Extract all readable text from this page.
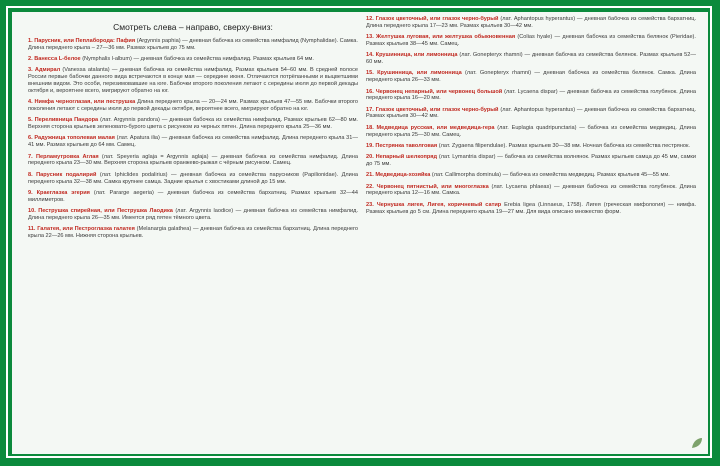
Смотреть слева – направо, сверху-вниз:
1. Парусник, или Пеплаборода: Пафия (Argynnis paphia) — дневная бабочка из семейства нимфалид (Nymphalidae). Самка. Длина переднего крыла – 27—36 мм. Размах крыльев до 75 мм.
2. Ванесса L-белое (Nymphalis l-album) — дневная бабочка из семейства нимфалид. Размах крыльев 64 мм.
3. Адмирал (Vanessa atalanta) — дневная бабочка из семейства нимфалид. Размах крыльев 54–60 мм. В средней полосе России первые бабочки данного вида встречаются в конце мая — середине июня. Отличаются потрёпанными и выцветшими внешним видом. Это особи, перезимовавшие на юге. Бабочки второго поколения летают с середины июля до первой декады октября и, вероятнее всего, мигрируют обратно на юг.
4. Нимфа черноглазая, или пеструшка Длина переднего крыла — 20—24 мм. Размах крыльев 47—55 мм. Бабочки второго поколения летают с середины июля до первой декады октября, вероятнее всего, мигрируют обратно на юг.
5. Переливница Пандора (лат. Argynnis pandora) — дневная бабочка из семейства нимфалид. Размах крыльев 62—80 мм. Верхняя сторона крыльев зеленовато-бурого цвета с рисунком из черных пятен. Длина переднего крыла 25—36 мм.
6. Радужница тополевая малая (лат. Apatura ilia) — дневная бабочка из семейства нимфалид. Длина переднего крыла 31—41 мм. Размах крыльев до 64 мм. Самец.
7. Перламутровка Аглая (лат. Speyeria aglaja = Argynnis aglaja) — дневная бабочка из семейства нимфалид. Длина переднего крыла 23—30 мм. Верхняя сторона крыльев оранжево-рыжая с чёрным рисунком. Самец.
8. Парусник подалирий (лат. Iphiclides podalirius) — дневная бабочка из семейства парусников (Papilionidae). Длина переднего крыла 32—38 мм. Самка крупнее самца. Задние крылья с хвостиками длиной до 15 мм.
9. Краеглазка эгерия (лат. Pararge aegeria) — дневная бабочка из семейства бархатниц. Размах крыльев 32—44 миллиметров.
10. Пеструшка спирейная, или Пеструшка Лаодика (лат. Argynnis laodice) — дневная бабочка из семейства нимфалид. Длина переднего крыла 26—35 мм. Имеется ряд пятен тёмного цвета.
11. Галатея, или Пестроглазка галатея (Melanargia galathea) — дневная бабочка из семейства бархатниц. Длина переднего крыла 22—26 мм. Нижняя сторона крыльев.
12. Глазок цветочный, или глазок черно-бурый (лат. Aphantopus hyperantus) — дневная бабочка из семейства бархатниц. Длина переднего крыла 17—23 мм. Размах крыльев 30—42 мм.
13. Желтушка луговая, или желтушка обыкновенная (Colias hyale) — дневная бабочка из семейства белянок (Pieridae). Размах крыльев 38—45 мм. Самец.
14. Крушинница, или лимонница (лат. Gonepteryx rhamni) — дневная бабочка из семейства белянок. Размах крыльев 52—60 мм.
15. Крушинница, или лимонница (лат. Gonepteryx rhamni) — дневная бабочка из семейства белянок. Самка. Длина переднего крыла 26—33 мм.
16. Червонец непарный, или червонец большой (лат. Lycaena dispar) — дневная бабочка из семейства голубянок. Длина переднего крыла 16—20 мм.
17. Глазок цветочный, или глазок черно-бурый (лат. Aphantopus hyperantus) — дневная бабочка из семейства бархатниц. Размах крыльев 30—42 мм.
18. Медведица русская, или медведица-гера (лат. Euplagia quadripunctaria) — бабочка из семейства медведиц. Длина переднего крыла 25—30 мм. Самец.
19. Пестрянка таволговая (лат. Zygaena filipendulae). Размах крыльев 30—38 мм. Ночная бабочка из семейства пестрянок.
20. Непарный шелкопряд (лат. Lymantria dispar) — бабочка из семейства волнянок. Размах крыльев самца до 45 мм, самки до 75 мм.
21. Медведица-хозяйка (лат. Callimorpha dominula) — бабочка из семейства медведиц. Размах крыльев 45—55 мм.
22. Червонец пятнистый, или многоглазка (лат. Lycaena phlaeas) — дневная бабочка из семейства голубянок. Длина переднего крыла 12—16 мм. Самка.
23. Чернушка лигея, Лигея, коричневый сатир Erebia ligea (Linnaeus, 1758). Лигея (греческая мифология) — нимфа. Размах крыльев до 5 см. Длина переднего крыла 19—27 мм. Для вида описано множество форм.
